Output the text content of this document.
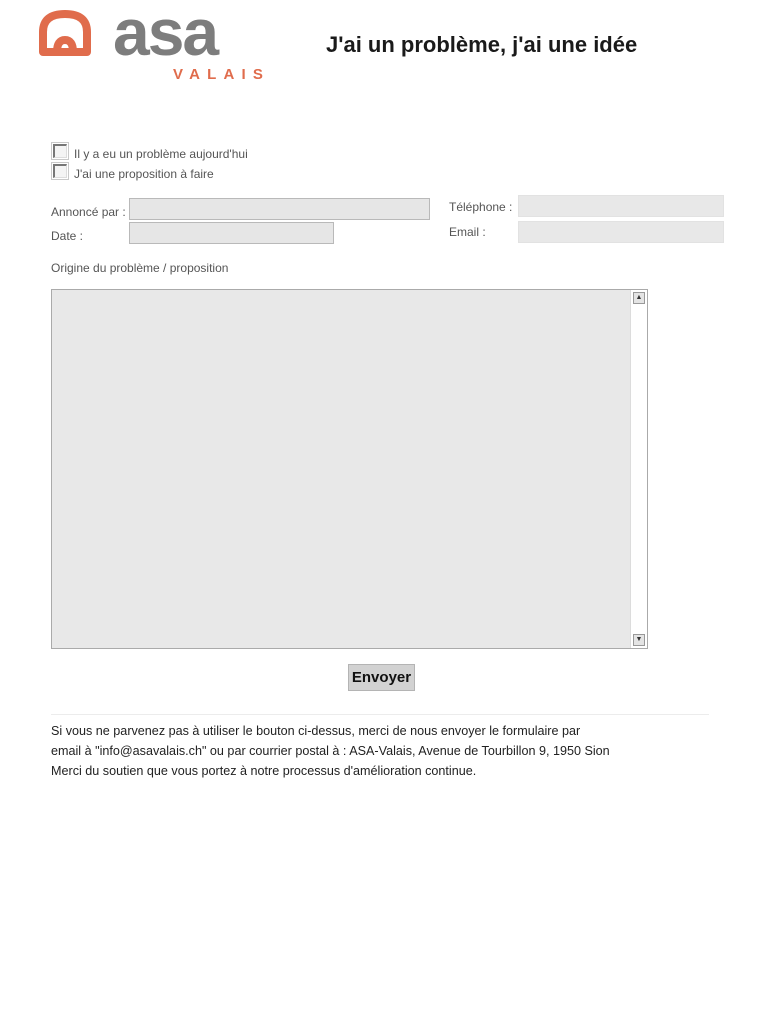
asa
VALAIS
J'ai un problème, j'ai une idée
Il y a eu un problème aujourd'hui
J'ai une proposition à faire
Annoncé par :
Date :
Téléphone :
Email :
Origine du problème / proposition
▲
▼
Envoyer

Si vous ne parvenez pas à utiliser le bouton ci-dessus, merci de nous envoyer le formulaire par

email à "info@asavalais.ch" ou par courrier postal à : ASA-Valais, Avenue de Tourbillon 9, 1950 Sion

Merci du soutien que vous portez à notre processus d'amélioration continue.
